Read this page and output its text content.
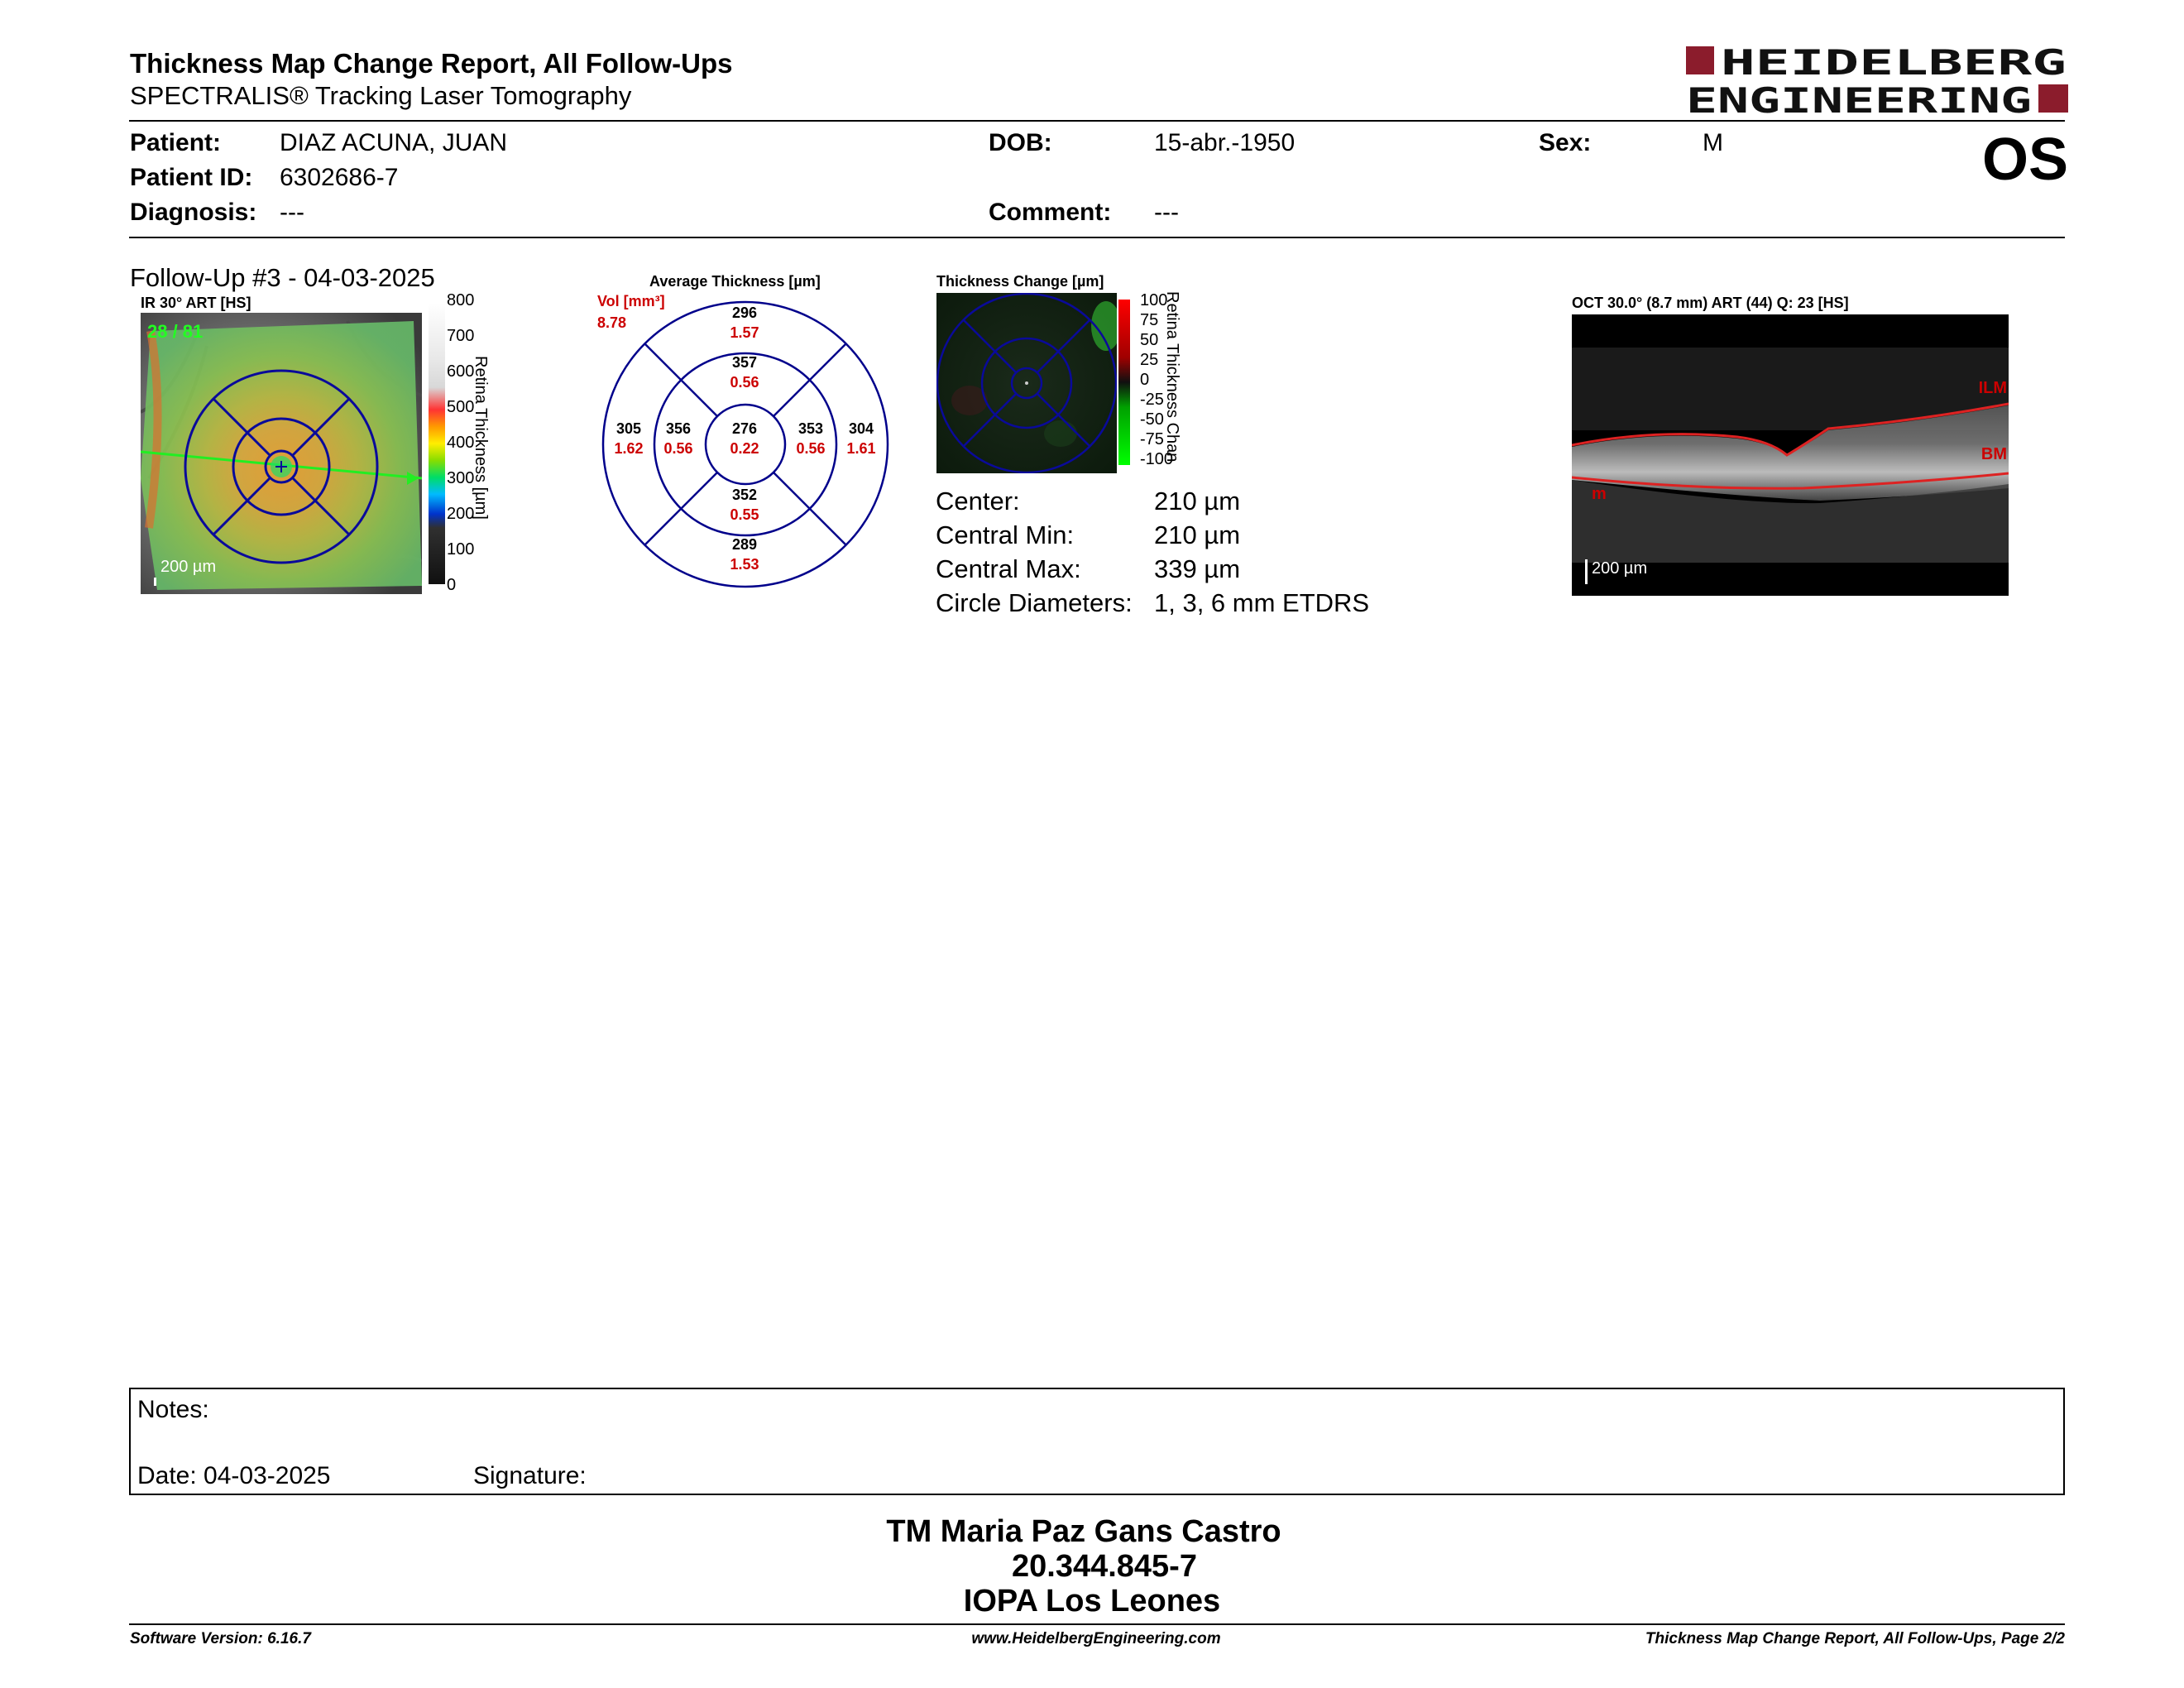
Thickness Map Change Report, All Follow-Ups
SPECTRALIS® Tracking Laser Tomography
HEIDELBERG
ENGINEERING
Patient: DIAZ ACUNA, JUAN
Patient ID: 6302686-7
Diagnosis: ---
DOB:	15-abr.-1950
Comment: ---
Sex:	M	OS
Follow-Up #3 - 04-03-2025
IR 30° ART [HS]
28 / 81
200 µm
800
700
600
500
400
300
200
100
0
Retina Thickness [µm]
Average Thickness [µm]
Vol [mm³]
8.78
296
1.57
357
0.56
276
0.22
356
0.56
353
0.56
305
1.62
304
1.61
352
0.55
289
1.53
Thickness Change [µm]
100
75
50
25
0
-25
-50
-75
-100
Retina Thickness Chan
Center:	210 µm
Central Min:	210 µm
Central Max:	339 µm
Circle Diameters: 1, 3, 6 mm ETDRS
OCT 30.0° (8.7 mm) ART (44) Q: 23 [HS]
ILM
BM
m
200 µm
Notes:
Date: 04-03-2025	Signature:
TM Maria Paz Gans Castro
20.344.845-7
IOPA Los Leones
Software Version: 6.16.7	www.HeidelbergEngineering.com	Thickness Map Change Report, All Follow-Ups, Page 2/2
